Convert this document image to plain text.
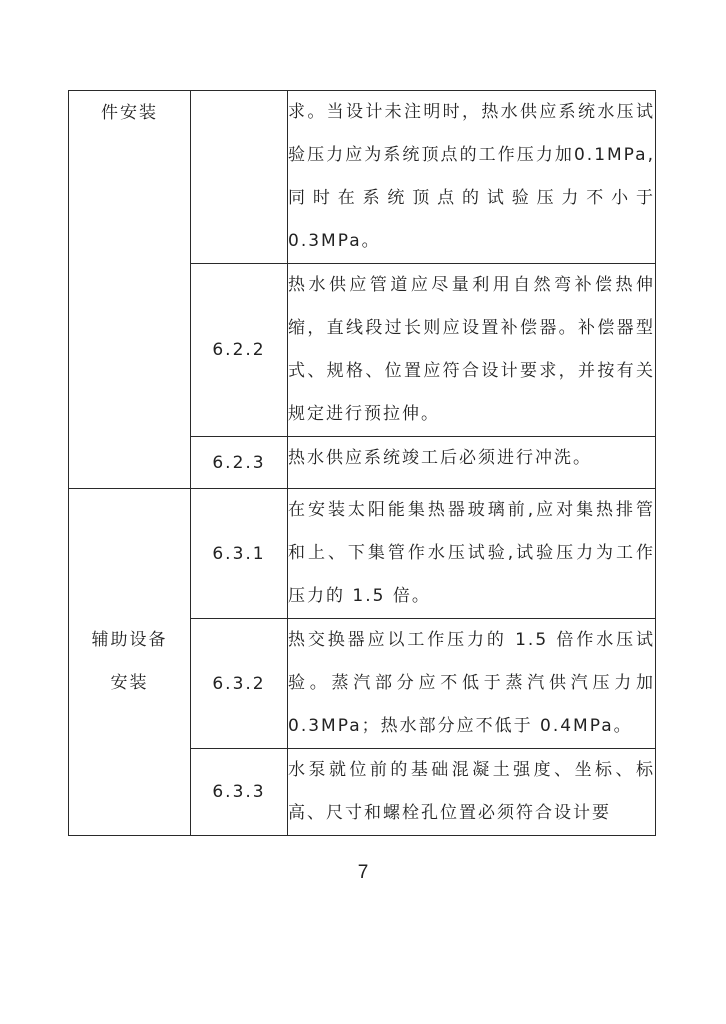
件安装		求。当设计未注明时，热水供应系统水压试验压力应为系统顶点的工作压力加0.1MPa,同时在系统顶点的试验压力不小于 0.3MPa。

	6.2.2	热水供应管道应尽量利用自然弯补偿热伸缩，直线段过长则应设置补偿器。补偿器型式、规格、位置应符合设计要求，并按有关规定进行预拉伸。

	6.2.3	热水供应系统竣工后必须进行冲洗。

辅助设备
安装	6.3.1	在安装太阳能集热器玻璃前,应对集热排管和上、下集管作水压试验,试验压力为工作压力的 1.5 倍。

	6.3.2	热交换器应以工作压力的 1.5 倍作水压试验。蒸汽部分应不低于蒸汽供汽压力加0.3MPa；热水部分应不低于 0.4MPa。

	6.3.3	水泵就位前的基础混凝土强度、坐标、标高、尺寸和螺栓孔位置必须符合设计要

7
